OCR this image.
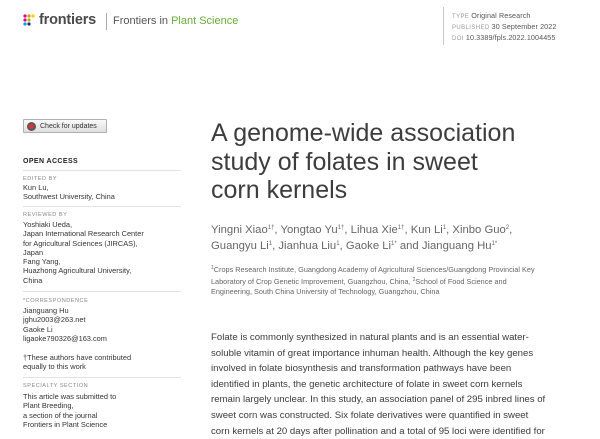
frontiers Frontiers in Plant Science	TYPE Original Research
PUBLISHED 30 September 2022
DOI 10.3389/fpls.2022.1004455
Check for updates
OPEN ACCESS
EDITED BY
Kun Lu,
Southwest University, China
REVIEWED BY
Yoshiaki Ueda,
Japan International Research Center
for Agricultural Sciences (JIRCAS),
Japan
Fang Yang,
Huazhong Agricultural University,
China
*CORRESPONDENCE
Jianguang Hu
jghu2003@263.net
Gaoke Li
ligaoke790326@163.com
†These authors have contributed
equally to this work
SPECIALTY SECTION
This article was submitted to
Plant Breeding,
a section of the journal
Frontiers in Plant Science
A genome-wide association
study of folates in sweet
corn kernels
Yingni Xiao$^{1\dagger}$, Yongtao $Yu^{1\dagger}$, Lihua Xie$^{1\dagger}$, Kun Li$^1$, Xinbo Guo$^2$,
Guangyu Li$^1$, Jianhua Liu$^1$, Gaoke $Li^{1*}$ and Jianguang $Hu^{1*}$
$^1$Crops Research Institute, Guangdong Academy of Agricultural Sciences/Guangdong Provincial Key
Laboratory of Crop Genetic Improvement, Guangzhou, China, $^2$School of Food Science and
Engineering, South China University of Technology, Guangzhou, China
Folate is commonly synthesized in natural plants and is an essential water-
soluble vitamin of great importance inhuman health. Although the key genes
involved in folate biosynthesis and transformation pathways have been
identified in plants, the genetic architecture of folate in sweet corn kernels
remain largely unclear. In this study, an association panel of 295 inbred lines of
sweet corn was constructed. Six folate derivatives were quantified in sweet
corn kernels at 20 days after pollination and a total of 95 loci were identified for
